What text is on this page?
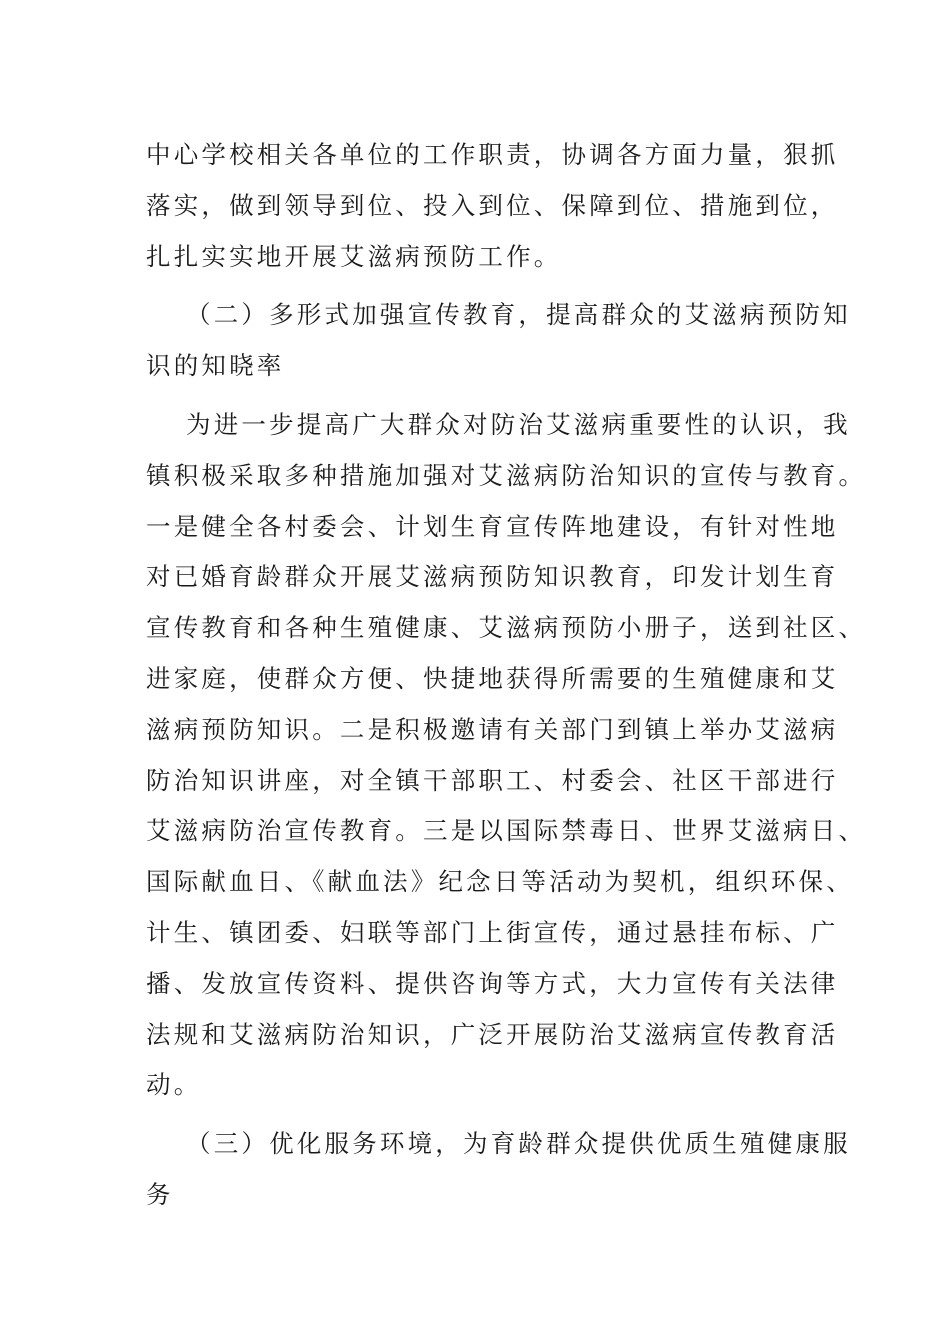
中心学校相关各单位的工作职责，协调各方面力量，狠抓
落实，做到领导到位、投入到位、保障到位、措施到位，
扎扎实实地开展艾滋病预防工作。
（二）多形式加强宣传教育，提高群众的艾滋病预防知
识的知晓率
为进一步提高广大群众对防治艾滋病重要性的认识，我
镇积极采取多种措施加强对艾滋病防治知识的宣传与教育。
一是健全各村委会、计划生育宣传阵地建设，有针对性地
对已婚育龄群众开展艾滋病预防知识教育，印发计划生育
宣传教育和各种生殖健康、艾滋病预防小册子，送到社区、
进家庭，使群众方便、快捷地获得所需要的生殖健康和艾
滋病预防知识。二是积极邀请有关部门到镇上举办艾滋病
防治知识讲座，对全镇干部职工、村委会、社区干部进行
艾滋病防治宣传教育。三是以国际禁毒日、世界艾滋病日、
国际献血日、《献血法》纪念日等活动为契机，组织环保、
计生、镇团委、妇联等部门上街宣传，通过悬挂布标、广
播、发放宣传资料、提供咨询等方式，大力宣传有关法律
法规和艾滋病防治知识，广泛开展防治艾滋病宣传教育活
动。
（三）优化服务环境，为育龄群众提供优质生殖健康服
务
